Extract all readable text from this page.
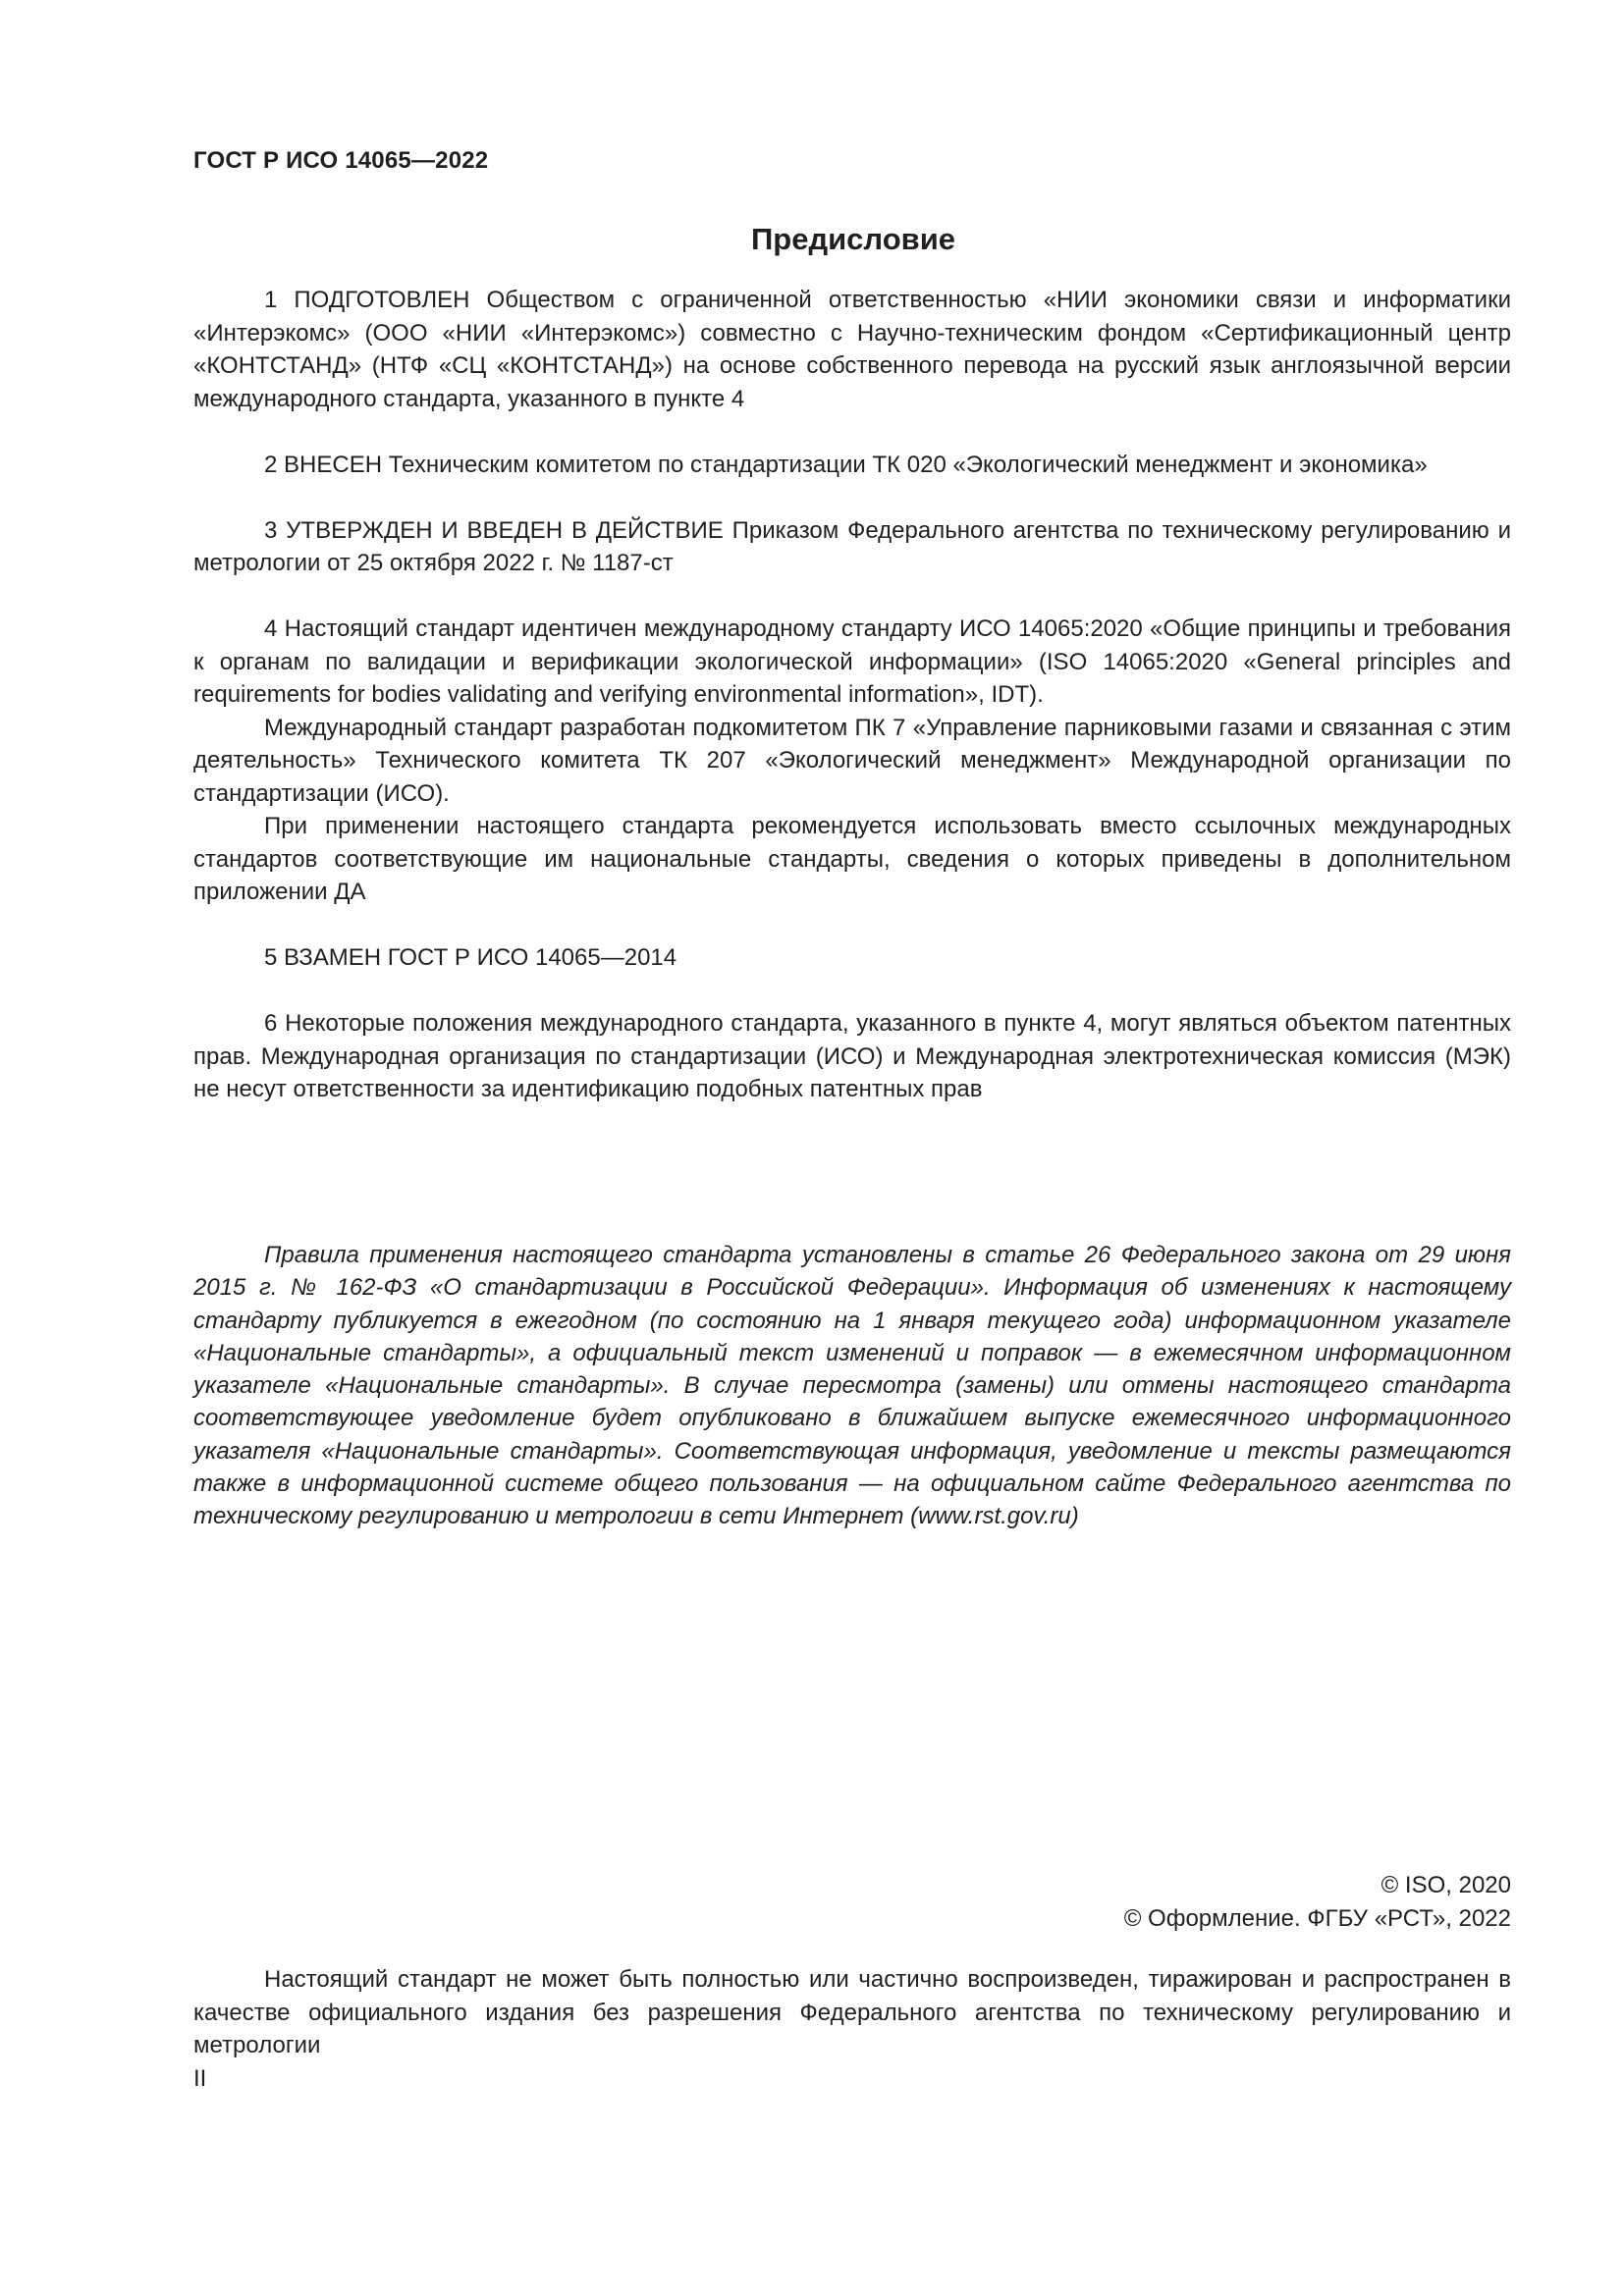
ГОСТ Р ИСО 14065—2022
Предисловие

1 ПОДГОТОВЛЕН Обществом с ограниченной ответственностью «НИИ экономики связи и информатики «Интерэкомс» (ООО «НИИ «Интерэкомс») совместно с Научно-техническим фондом «Сертификационный центр «КОНТСТАНД» (НТФ «СЦ «КОНТСТАНД») на основе собственного перевода на русский язык англоязычной версии международного стандарта, указанного в пункте 4

2 ВНЕСЕН Техническим комитетом по стандартизации ТК 020 «Экологический менеджмент и экономика»

3 УТВЕРЖДЕН И ВВЕДЕН В ДЕЙСТВИЕ Приказом Федерального агентства по техническому регулированию и метрологии от 25 октября 2022 г. № 1187-ст

4 Настоящий стандарт идентичен международному стандарту ИСО 14065:2020 «Общие принципы и требования к органам по валидации и верификации экологической информации» (ISO 14065:2020 «General principles and requirements for bodies validating and verifying environmental information», IDT).

Международный стандарт разработан подкомитетом ПК 7 «Управление парниковыми газами и связанная с этим деятельность» Технического комитета ТК 207 «Экологический менеджмент» Международной организации по стандартизации (ИСО).

При применении настоящего стандарта рекомендуется использовать вместо ссылочных международных стандартов соответствующие им национальные стандарты, сведения о которых приведены в дополнительном приложении ДА

5 ВЗАМЕН ГОСТ Р ИСО 14065—2014

6 Некоторые положения международного стандарта, указанного в пункте 4, могут являться объектом патентных прав. Международная организация по стандартизации (ИСО) и Международная электротехническая комиссия (МЭК) не несут ответственности за идентификацию подобных патентных прав

Правила применения настоящего стандарта установлены в статье 26 Федерального закона от 29 июня 2015 г. № 162-ФЗ «О стандартизации в Российской Федерации». Информация об изменениях к настоящему стандарту публикуется в ежегодном (по состоянию на 1 января текущего года) информационном указателе «Национальные стандарты», а официальный текст изменений и поправок — в ежемесячном информационном указателе «Национальные стандарты». В случае пересмотра (замены) или отмены настоящего стандарта соответствующее уведомление будет опубликовано в ближайшем выпуске ежемесячного информационного указателя «Национальные стандарты». Соответствующая информация, уведомление и тексты размещаются также в информационной системе общего пользования — на официальном сайте Федерального агентства по техническому регулированию и метрологии в сети Интернет (www.rst.gov.ru)

© ISO, 2020
© Оформление. ФГБУ «РСТ», 2022

Настоящий стандарт не может быть полностью или частично воспроизведен, тиражирован и распространен в качестве официального издания без разрешения Федерального агентства по техническому регулированию и метрологии

II
